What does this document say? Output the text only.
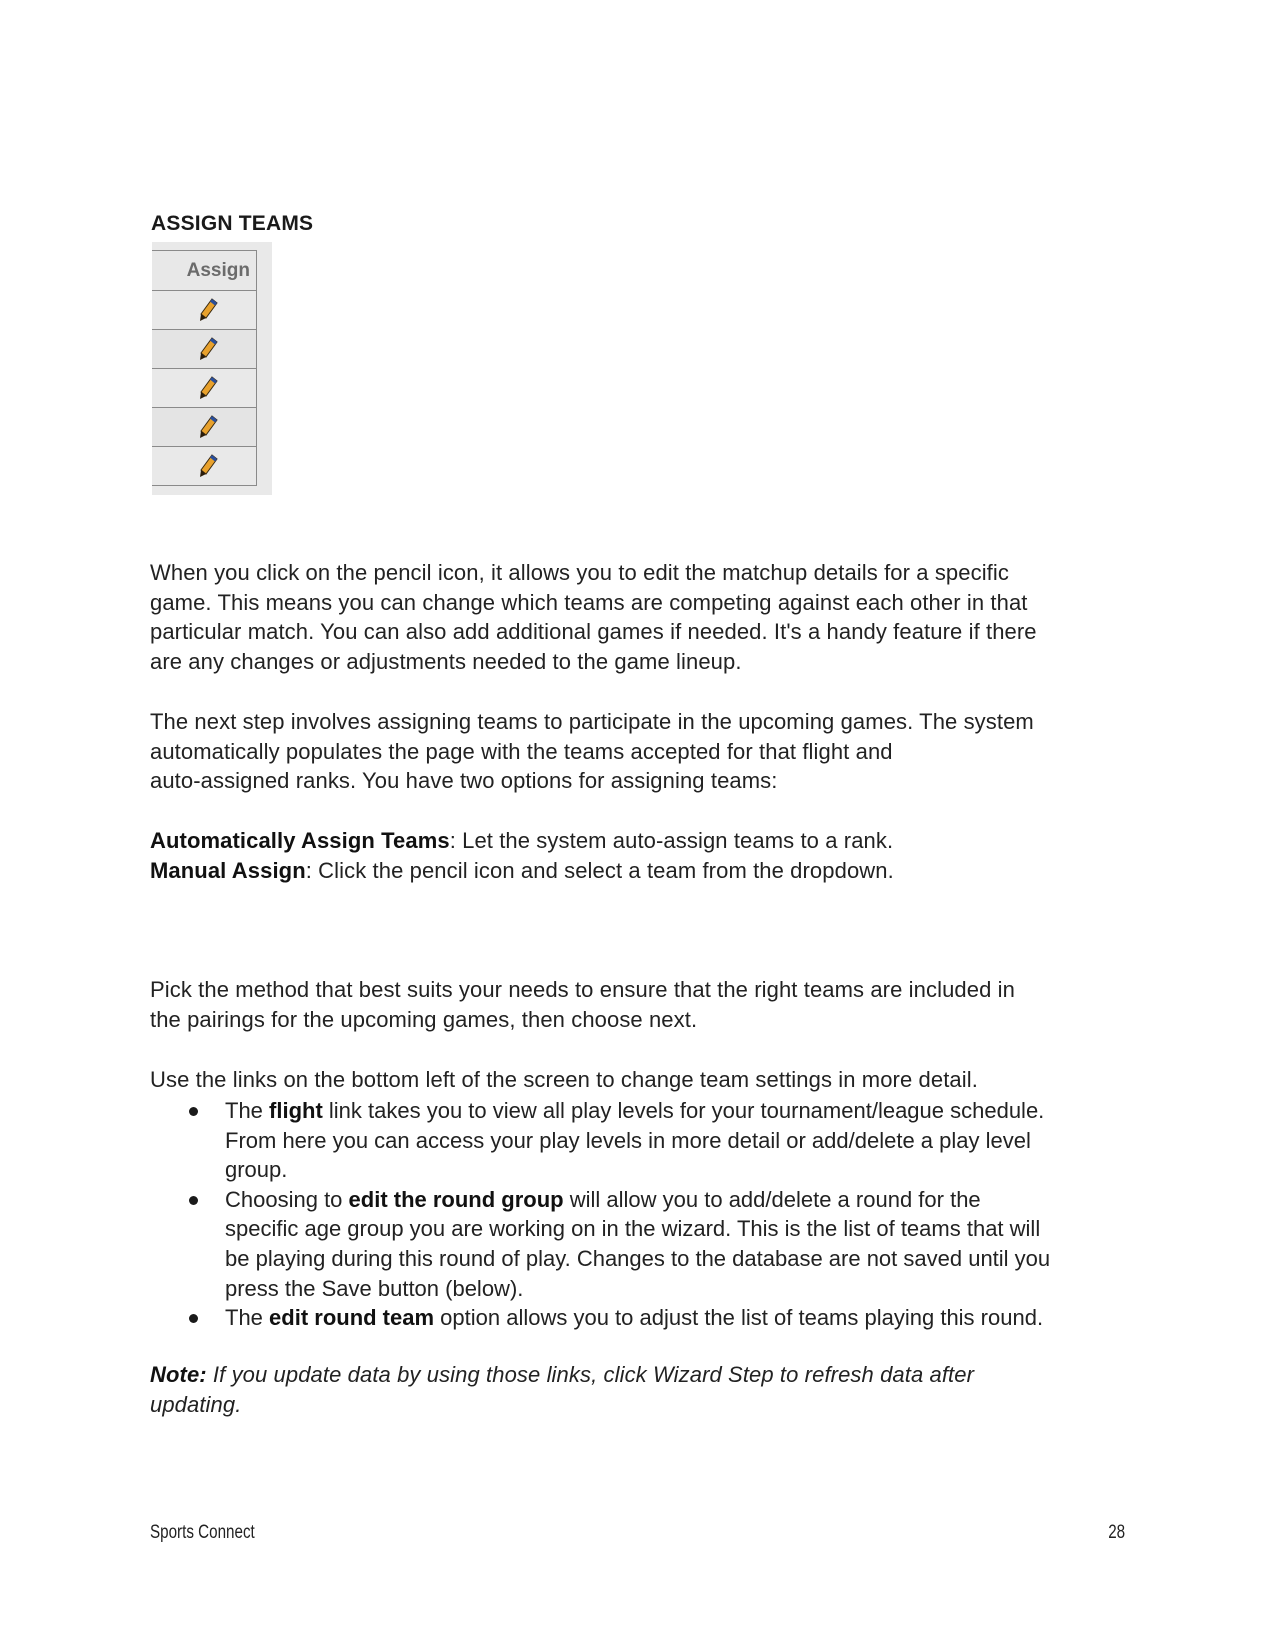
ASSIGN TEAMS
Assign

When you click on the pencil icon, it allows you to edit the matchup details for a specific
game. This means you can change which teams are competing against each other in that
particular match. You can also add additional games if needed. It's a handy feature if there
are any changes or adjustments needed to the game lineup.

The next step involves assigning teams to participate in the upcoming games. The system
automatically populates the page with the teams accepted for that flight and
auto-assigned ranks. You have two options for assigning teams:

Automatically Assign Teams: Let the system auto-assign teams to a rank.
Manual Assign: Click the pencil icon and select a team from the dropdown.

Pick the method that best suits your needs to ensure that the right teams are included in
the pairings for the upcoming games, then choose next.

Use the links on the bottom left of the screen to change team settings in more detail.

The flight link takes you to view all play levels for your tournament/league schedule.
From here you can access your play levels in more detail or add/delete a play level
group.
Choosing to edit the round group will allow you to add/delete a round for the
specific age group you are working on in the wizard. This is the list of teams that will
be playing during this round of play. Changes to the database are not saved until you
press the Save button (below).
The edit round team option allows you to adjust the list of teams playing this round.

Note: If you update data by using those links, click Wizard Step to refresh data after
updating.

Sports Connect	28
